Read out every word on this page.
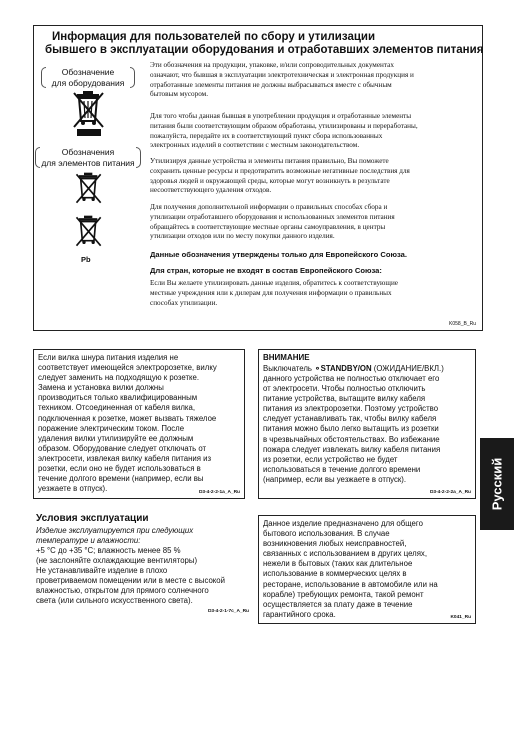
Информация для пользователей по сбору и утилизации
бывшего в эксплуатации оборудования и отработавших элементов питания
Обозначение
для оборудования
Обозначения
для элементов питания
Pb
Эти обозначения на продукции, упаковке, и/или сопроводительных документах
означают, что бывшая в эксплуатации электротехническая и электронная продукция и
отработанные элементы питания не должны выбрасываться вместе с обычным
бытовым мусором.
Для того чтобы данная бывшая в употреблении продукция и отработанные элементы
питания были соответствующим образом обработаны, утилизированы и переработаны,
пожалуйста, передайте их в соответствующий пункт сбора использованных
электронных изделий в соответствии с местным законодательством.
Утилизируя данные устройства и элементы питания правильно, Вы поможете
сохранить ценные ресурсы и предотвратить возможные негативные последствия для
здоровья людей и окружающей среды, которые могут возникнуть в результате
несоответствующего удаления отходов.
Для получения дополнительной информации о правильных способах сбора и
утилизации отработавшего оборудования и использованных элементов питания
обращайтесь в соответствующие местные органы самоуправления, в центры
утилизации отходов или по месту покупки данного изделия.
Данные обозначения утверждены только для Европейского Союза.
Для стран, которые не входят в состав Европейского Союза:
Если Вы желаете утилизировать данные изделия, обратитесь к соответствующие
местные учреждения или к дилерам для получения информации о правильных
способах утилизации.
K058_B_Ru
Если вилка шнура питания изделия не
соответствует имеющейся электророзетке, вилку
следует заменить на подходящую к розетке.
Замена и установка вилки должны
производиться только квалифицированным
техником. Отсоединенная от кабеля вилка,
подключенная к розетке, может вызвать тяжелое
поражение электрическим током. После
удаления вилки утилизируйте ее должным
образом. Оборудование следует отключать от
электросети, извлекая вилку кабеля питания из
розетки, если оно не будет использоваться в
течение долгого времени (например, если вы
уезжаете в отпуск).	D3-4-2-2-1a_A_Ru
ВНИМАНИЕ
Выключатель ⚬STANDBY/ON (ОЖИДАНИЕ/ВКЛ.)
данного устройства не полностью отключает его
от электросети. Чтобы полностью отключить
питание устройства, вытащите вилку кабеля
питания из электророзетки. Поэтому устройство
следует устанавливать так, чтобы вилку кабеля
питания можно было легко вытащить из розетки
в чрезвычайных обстоятельствах. Во избежание
пожара следует извлекать вилку кабеля питания
из розетки, если устройство не будет
использоваться в течение долгого времени
(например, если вы уезжаете в отпуск).
D3-4-2-2-2a_A_Ru Русский
Условия эксплуатации
Изделие эксплуатируется при следующих
температуре и влажности:
+5 °C до +35 °C; влажность менее 85 %
(не заслоняйте охлаждающие вентиляторы)
Не устанавливайте изделие в плохо
проветриваемом помещении или в месте с высокой
влажностью, открытом для прямого солнечного
света (или сильного искусственного света).
D3-4-2-1-7c_A_Ru
Данное изделие предназначено для общего
бытового использования. В случае
возникновения любых неисправностей,
связанных с использованием в других целях,
нежели в бытовых (таких как длительное
использование в коммерческих целях в
ресторане, использование в автомобиле или на
корабле) требующих ремонта, такой ремонт
осуществляется за плату даже в течение
гарантийного срока.	K041_Ru
